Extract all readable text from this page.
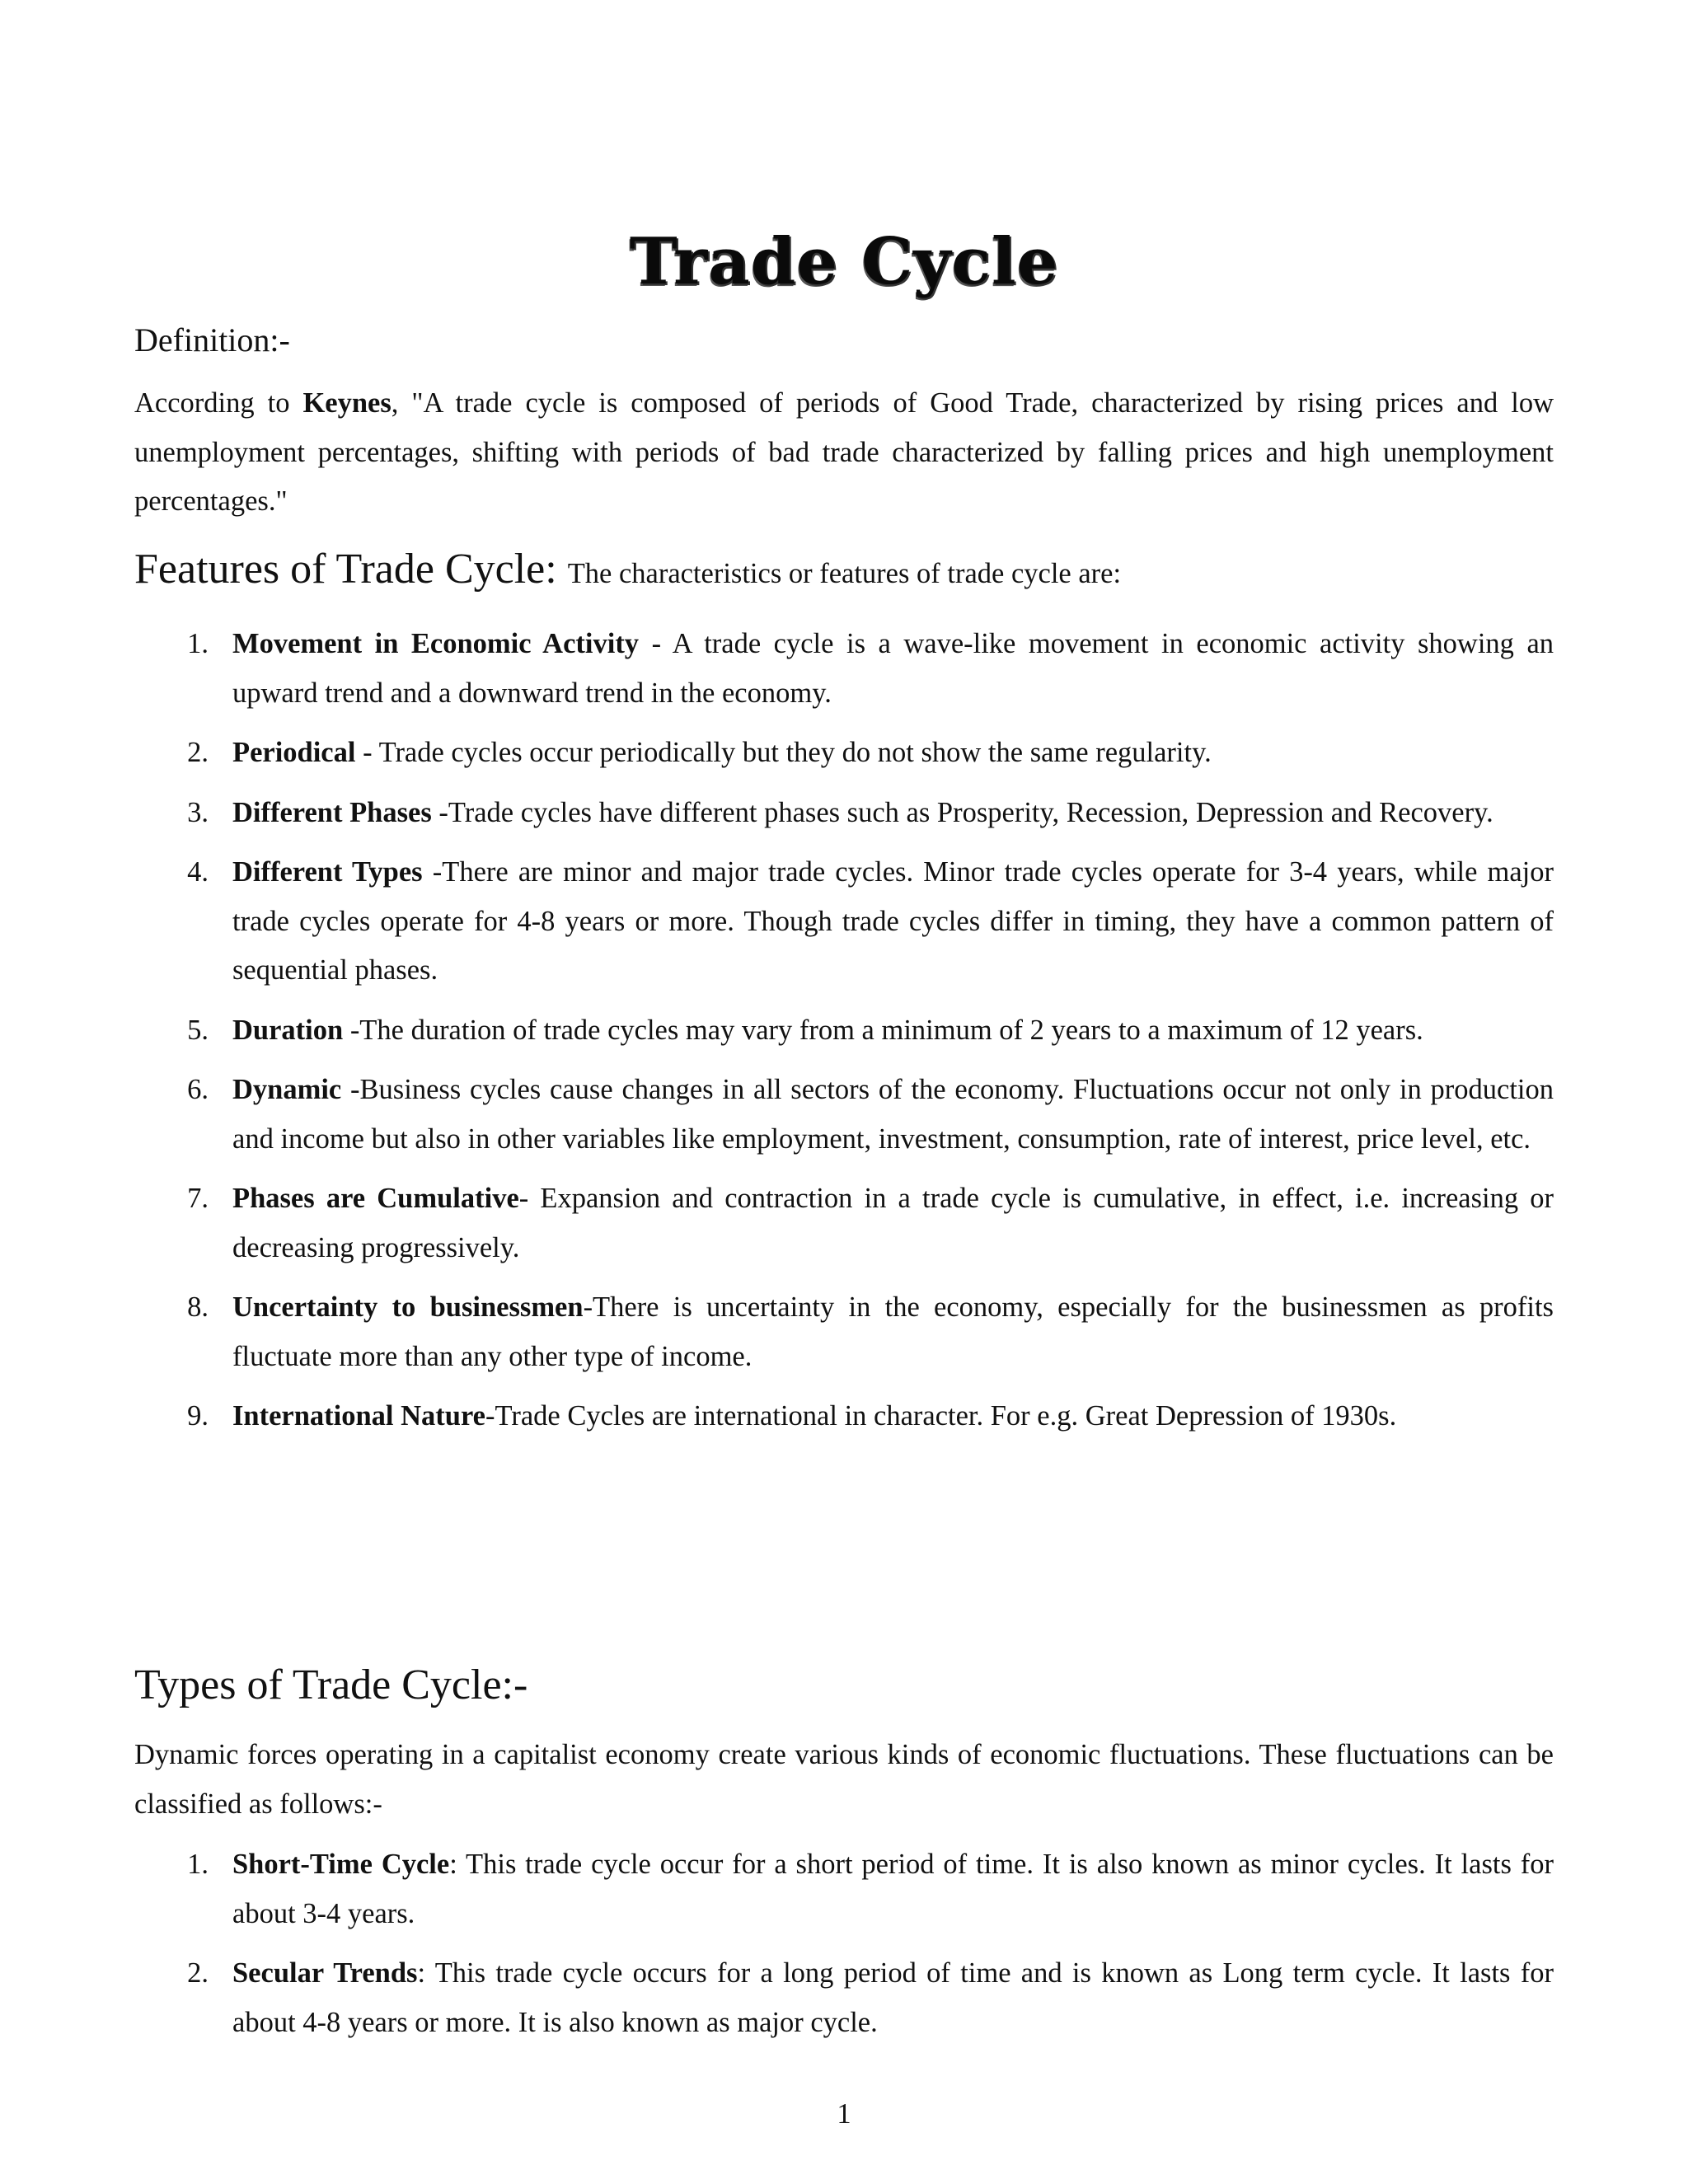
Trade Cycle
Definition:-

According to Keynes, "A trade cycle is composed of periods of Good Trade, characterized by rising prices and low unemployment percentages, shifting with periods of bad trade characterized by falling prices and high unemployment percentages."

Features of Trade Cycle: The characteristics or features of trade cycle are:
1. Movement in Economic Activity - A trade cycle is a wave-like movement in economic activity showing an upward trend and a downward trend in the economy.
2. Periodical - Trade cycles occur periodically but they do not show the same regularity.
3. Different Phases -Trade cycles have different phases such as Prosperity, Recession, Depression and Recovery.
4. Different Types -There are minor and major trade cycles. Minor trade cycles operate for 3-4 years, while major trade cycles operate for 4-8 years or more. Though trade cycles differ in timing, they have a common pattern of sequential phases.
5. Duration -The duration of trade cycles may vary from a minimum of 2 years to a maximum of 12 years.
6. Dynamic -Business cycles cause changes in all sectors of the economy. Fluctuations occur not only in production and income but also in other variables like employment, investment, consumption, rate of interest, price level, etc.
7. Phases are Cumulative- Expansion and contraction in a trade cycle is cumulative, in effect, i.e. increasing or decreasing progressively.
8. Uncertainty to businessmen-There is uncertainty in the economy, especially for the businessmen as profits fluctuate more than any other type of income.
9. International Nature-Trade Cycles are international in character. For e.g. Great Depression of 1930s.
Types of Trade Cycle:-

Dynamic forces operating in a capitalist economy create various kinds of economic fluctuations. These fluctuations can be classified as follows:-

1. Short-Time Cycle: This trade cycle occur for a short period of time. It is also known as minor cycles. It lasts for about 3-4 years.
2. Secular Trends: This trade cycle occurs for a long period of time and is known as Long term cycle. It lasts for about 4-8 years or more. It is also known as major cycle.
1
